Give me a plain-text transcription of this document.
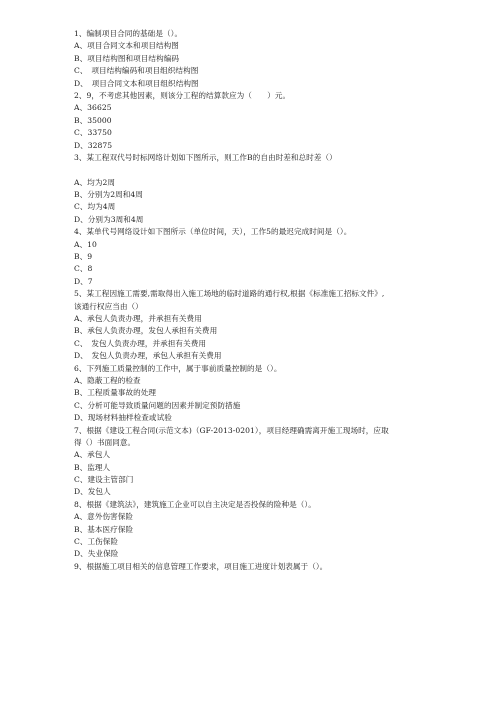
1、编制项目合同的基础是（）。
A、项目合同文本和项目结构图
B、项目结构图和项目结构编码
C、　项目结构编码和项目组织结构图
D、　项目合同文本和项目组织结构图
2、9，不考虑其他因素，则该分工程的结算款应为（　　）元。
A、36625
B、35000
C、33750
D、32875
3、某工程双代号时标网络计划如下图所示，则工作B的自由时差和总时差（）
A、均为2周
B、分别为2周和4周
C、均为4周
D、分别为3周和4周
4、某单代号网络设计如下图所示（单位时间，天），工作5的最迟完成时间是（）。
A、10
B、9
C、8
D、7
5、某工程因施工需要,需取得出入施工场地的临时道路的通行权,根据《标准施工招标文件》,
该通行权应当由（）
A、承包人负责办理，并承担有关费用
B、承包人负责办理，发包人承担有关费用
C、　发包人负责办理，并承担有关费用
D、　发包人负责办理，承包人承担有关费用
6、下列施工质量控制的工作中，属于事前质量控制的是（）。
A、隐蔽工程的检查
B、工程质量事故的处理
C、分析可能导致质量问题的因素并制定预防措施
D、现场材料抽样检查或试验
7、根据《建设工程合同(示范文本)（GF-2013-0201），项目经理确需离开施工现场时，应取
得（）书面同意。
A、承包人
B、监理人
C、建设主管部门
D、发包人
8、根据《建筑法》，建筑施工企业可以自主决定是否投保的险种是（）。
A、意外伤害保险
B、基本医疗保险
C、工伤保险
D、失业保险
9、根据施工项目相关的信息管理工作要求，项目施工进度计划表属于（）。
